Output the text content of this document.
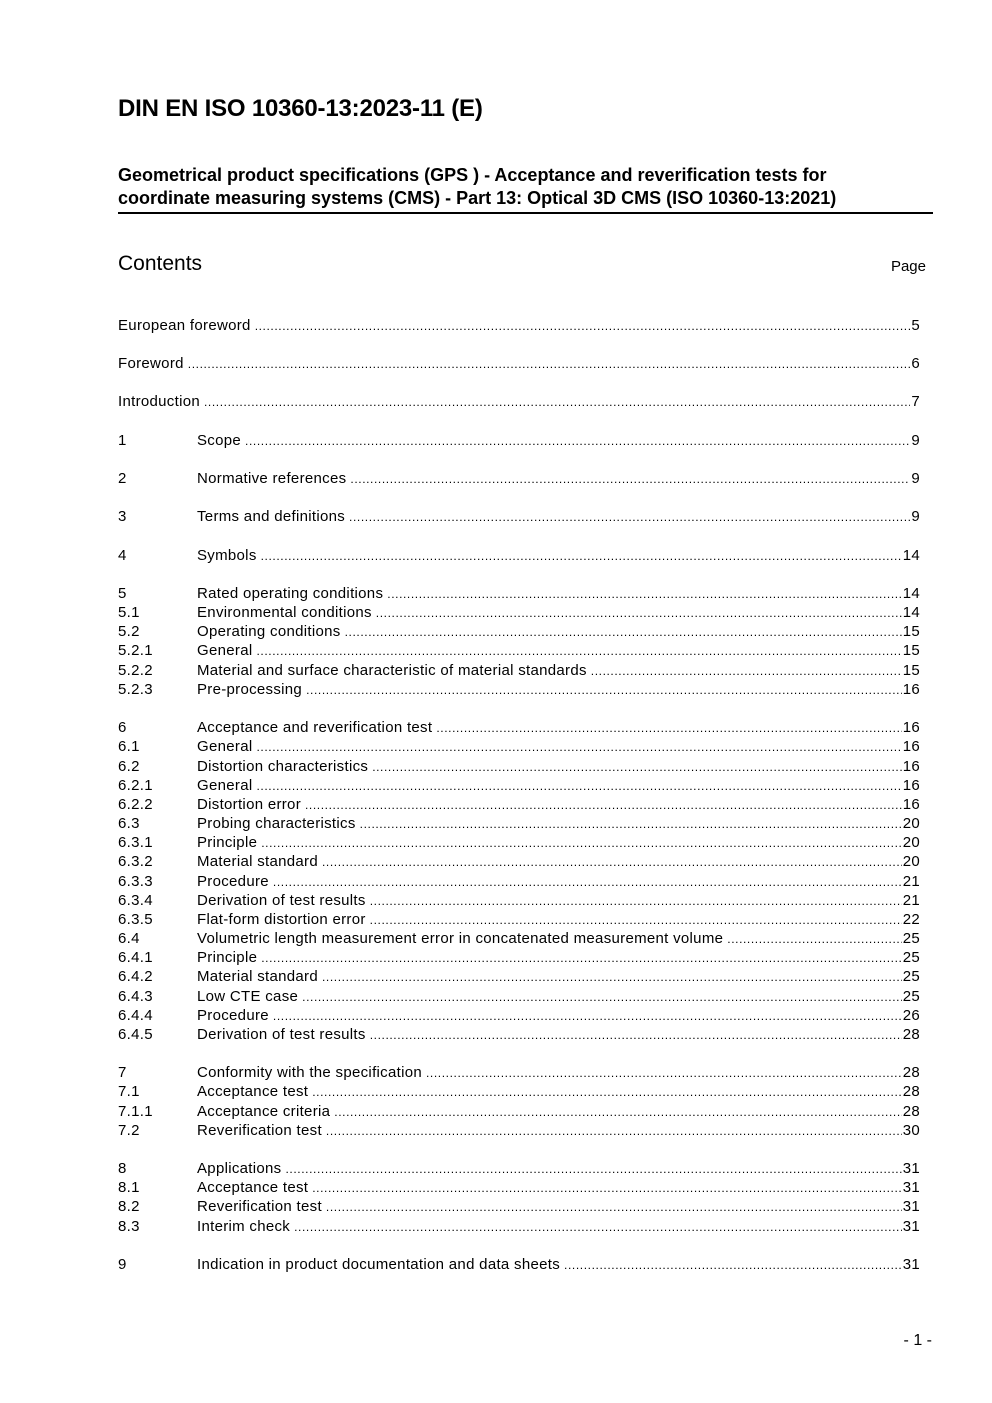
DIN EN ISO 10360-13:2023-11 (E)
Geometrical product specifications (GPS ) - Acceptance and reverification tests for
coordinate measuring systems (CMS) - Part 13: Optical 3D CMS (ISO 10360-13:2021)
Contents	Page
European foreword .....	5
Foreword .....	6
Introduction .....	7
1	Scope .....	9
2	Normative references .....	9
3	Terms and definitions .....	9
4	Symbols .....	14
5	Rated operating conditions .....	14
5.1	Environmental conditions .....	14
5.2	Operating conditions .....	15
5.2.1	General .....	15
5.2.2	Material and surface characteristic of material standards .....	15
5.2.3	Pre-processing .....	16
6	Acceptance and reverification test .....	16
6.1	General .....	16
6.2	Distortion characteristics .....	16
6.2.1	General .....	16
6.2.2	Distortion error .....	16
6.3	Probing characteristics .....	20
6.3.1	Principle .....	20
6.3.2	Material standard .....	20
6.3.3	Procedure .....	21
6.3.4	Derivation of test results .....	21
6.3.5	Flat-form distortion error .....	22
6.4	Volumetric length measurement error in concatenated measurement volume .....	25
6.4.1	Principle .....	25
6.4.2	Material standard .....	25
6.4.3	Low CTE case .....	25
6.4.4	Procedure .....	26
6.4.5	Derivation of test results .....	28
7	Conformity with the specification .....	28
7.1	Acceptance test .....	28
7.1.1	Acceptance criteria .....	28
7.2	Reverification test .....	30
8	Applications .....	31
8.1	Acceptance test .....	31
8.2	Reverification test .....	31
8.3	Interim check .....	31
9	Indication in product documentation and data sheets .....	31
- 1 -
